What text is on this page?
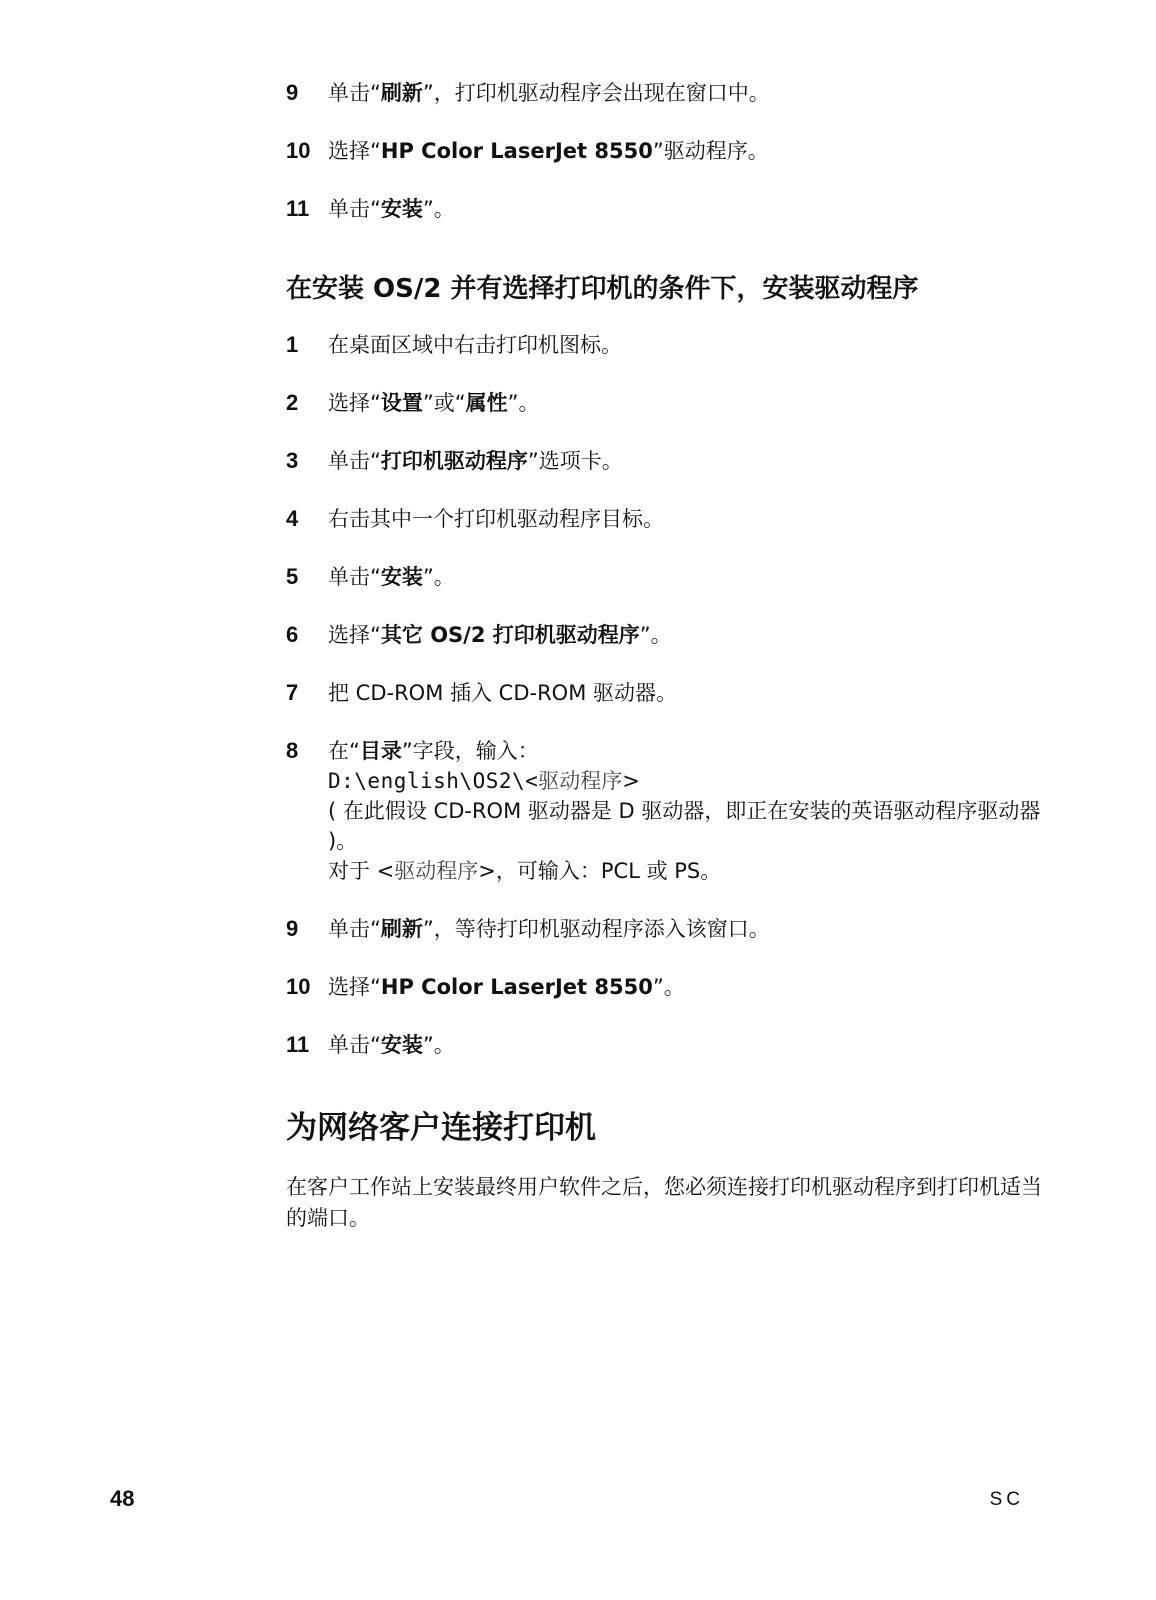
9 单击“刷新”，打印机驱动程序会出现在窗口中。
10 选择“HP Color LaserJet 8550”驱动程序。
11 单击“安装”。
在安装 OS/2 并有选择打印机的条件下，安装驱动程序
1 在桌面区域中右击打印机图标。
2 选择“设置”或“属性”。
3 单击“打印机驱动程序”选项卡。
4 右击其中一个打印机驱动程序目标。
5 单击“安装”。
6 选择“其它 OS/2 打印机驱动程序”。
7 把 CD-ROM 插入 CD-ROM 驱动器。
8 在“目录”字段，输入：
D:\english\OS2\<驱动程序>
( 在此假设 CD-ROM 驱动器是 D 驱动器，即正在安装的英语驱动程序驱动器 )。
对于 <驱动程序>，可输入：PCL 或 PS。
9 单击“刷新”，等待打印机驱动程序添入该窗口。
10 选择“HP Color LaserJet 8550”。
11 单击“安装”。
为网络客户连接打印机
在客户工作站上安装最终用户软件之后，您必须连接打印机驱动程序到打印机适当的端口。
48	SC
